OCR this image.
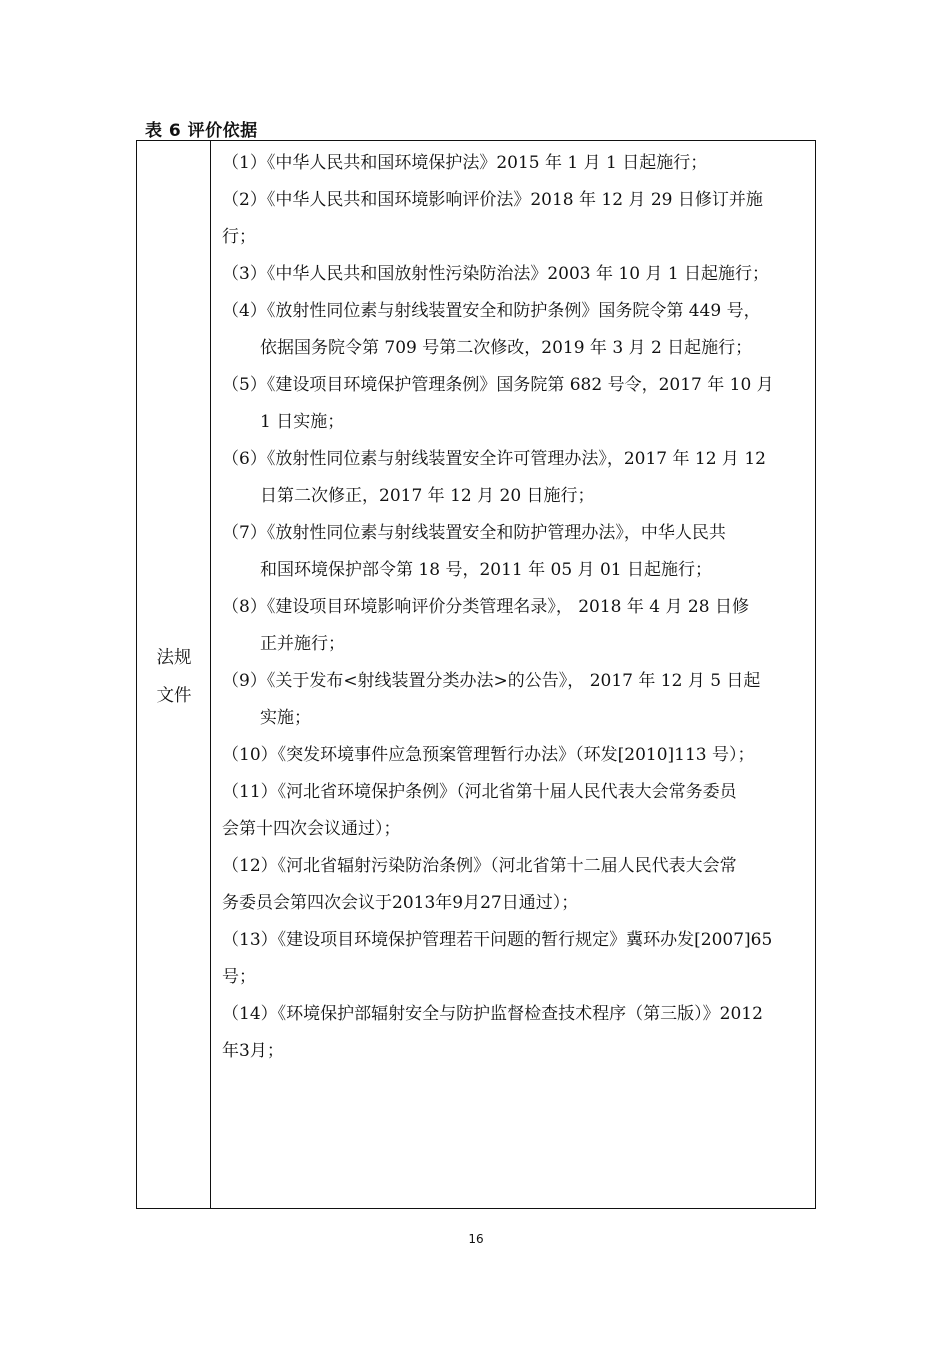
表 6 评价依据
法规
文件
（1）《中华人民共和国环境保护法》2015 年 1 月 1 日起施行；
（2）《中华人民共和国环境影响评价法》2018 年 12 月 29 日修订并施
行；
（3）《中华人民共和国放射性污染防治法》2003 年 10 月 1 日起施行；
（4）《放射性同位素与射线装置安全和防护条例》国务院令第 449 号，
依据国务院令第 709 号第二次修改，2019 年 3 月 2 日起施行；
（5）《建设项目环境保护管理条例》国务院第 682 号令，2017 年 10 月
1 日实施；
（6）《放射性同位素与射线装置安全许可管理办法》，2017 年 12 月 12
日第二次修正，2017 年 12 月 20 日施行；
（7）《放射性同位素与射线装置安全和防护管理办法》，中华人民共
和国环境保护部令第 18 号，2011 年 05 月 01 日起施行；
（8）《建设项目环境影响评价分类管理名录》， 2018 年 4 月 28 日修
正并施行；
（9）《关于发布<射线装置分类办法>的公告》， 2017 年 12 月 5 日起
实施；
（10）《突发环境事件应急预案管理暂行办法》（环发[2010]113 号）；
（11）《河北省环境保护条例》（河北省第十届人民代表大会常务委员
会第十四次会议通过）；
（12）《河北省辐射污染防治条例》（河北省第十二届人民代表大会常
务委员会第四次会议于2013年9月27日通过）；
（13）《建设项目环境保护管理若干问题的暂行规定》冀环办发[2007]65
号；
（14）《环境保护部辐射安全与防护监督检查技术程序（第三版）》2012
年3月；
16
